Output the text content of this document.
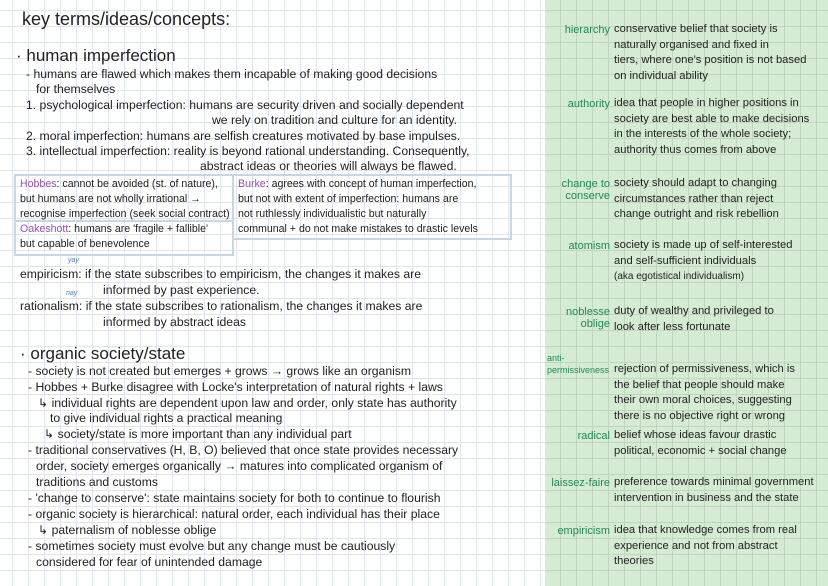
key terms/ideas/concepts:
· human imperfection
- humans are flawed which makes them incapable of making good decisions
for themselves
1. psychological imperfection: humans are security driven and socially dependent
we rely on tradition and culture for an identity.
2. moral imperfection: humans are selfish creatures motivated by base impulses.
3. intellectual imperfection: reality is beyond rational understanding. Consequently,
abstract ideas or theories will always be flawed.
Hobbes: cannot be avoided (st. of nature),
but humans are not wholly irrational →
recognise imperfection (seek social contract)
Oakeshott: humans are 'fragile + fallible'
but capable of benevolence
Burke: agrees with concept of human imperfection,
but not with extent of imperfection: humans are
not ruthlessly individualistic but naturally
communal + do not make mistakes to drastic levels
yay
empiricism: if the state subscribes to empiricism, the changes it makes are
nay informed by past experience.
rationalism: if the state subscribes to rationalism, the changes it makes are
informed by abstract ideas
· organic society/state
- society is not created but emerges + grows → grows like an organism
- Hobbes + Burke disagree with Locke's interpretation of natural rights + laws
↳ individual rights are dependent upon law and order, only state has authority
to give individual rights a practical meaning
↳ society/state is more important than any individual part
- traditional conservatives (H, B, O) believed that once state provides necessary
order, society emerges organically → matures into complicated organism of
traditions and customs
- 'change to conserve': state maintains society for both to continue to flourish
- organic society is hierarchical: natural order, each individual has their place
↳ paternalism of noblesse oblige
- sometimes society must evolve but any change must be cautiously
considered for fear of unintended damage
hierarchy conservative belief that society is
naturally organised and fixed in
tiers, where one's position is not based
on individual ability
authority idea that people in higher positions in
society are best able to make decisions
in the interests of the whole society;
authority thus comes from above
change to conserve
society should adapt to changing
circumstances rather than reject
change outright and risk rebellion
atomism society is made up of self-interested
and self-sufficient individuals
(aka egotistical individualism)
noblesse oblige
duty of wealthy and privileged to
look after less fortunate
anti-permissiveness rejection of permissiveness, which is
the belief that people should make
their own moral choices, suggesting
there is no objective right or wrong
radical belief whose ideas favour drastic
political, economic + social change
laissez-faire preference towards minimal government
intervention in business and the state
empiricism idea that knowledge comes from real
experience and not from abstract
theories
